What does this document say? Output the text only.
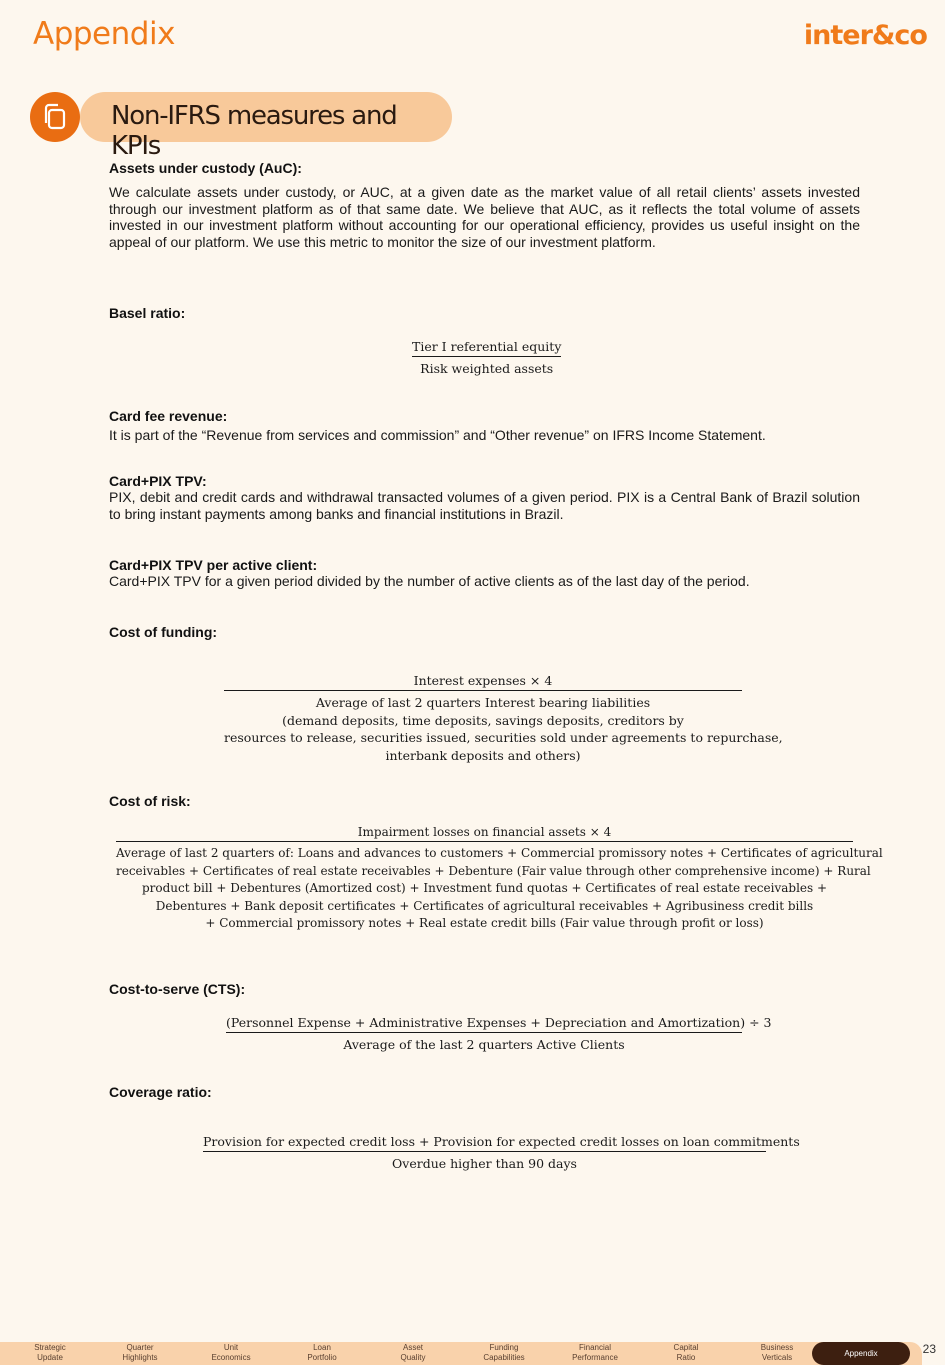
Appendix	inter&co
Non-IFRS measures and KPIs
Assets under custody (AuC):

We calculate assets under custody, or AUC, at a given date as the market value of all retail clients’ assets invested through our investment platform as of that same date. We believe that AUC, as it reflects the total volume of assets invested in our investment platform without accounting for our operational efficiency, provides us useful insight on the appeal of our platform. We use this metric to monitor the size of our investment platform.

Basel ratio:
Tier I referential equity
Risk weighted assets
Card fee revenue:

It is part of the “Revenue from services and commission” and “Other revenue” on IFRS Income Statement.

Card+PIX TPV:

PIX, debit and credit cards and withdrawal transacted volumes of a given period. PIX is a Central Bank of Brazil solution to bring instant payments among banks and financial institutions in Brazil.

Card+PIX TPV per active client:

Card+PIX TPV for a given period divided by the number of active clients as of the last day of the period.

Cost of funding:
Interest expenses × 4
Average of last 2 quarters Interest bearing liabilities
(demand deposits, time deposits, savings deposits, creditors by
resources to release, securities issued, securities sold under agreements to repurchase,
interbank deposits and others)
Cost of risk:
Impairment losses on financial assets × 4
Average of last 2 quarters of: Loans and advances to customers + Commercial promissory notes + Certificates of agricultural
receivables + Certificates of real estate receivables + Debenture (Fair value through other comprehensive income) + Rural
product bill + Debentures (Amortized cost) + Investment fund quotas + Certificates of real estate receivables +
Debentures + Bank deposit certificates + Certificates of agricultural receivables + Agribusiness credit bills
+ Commercial promissory notes + Real estate credit bills (Fair value through profit or loss)
Cost-to-serve (CTS):
(Personnel Expense + Administrative Expenses + Depreciation and Amortization) ÷ 3
Average of the last 2 quarters Active Clients
Coverage ratio:
Provision for expected credit loss + Provision for expected credit losses on loan commitments
Overdue higher than 90 days
Strategic
Update
Quarter
Highlights
Unit
Economics
Loan
Portfolio
Asset
Quality
Funding
Capabilities
Financial
Performance
Capital
Ratio
Business
Verticals	Appendix	23
